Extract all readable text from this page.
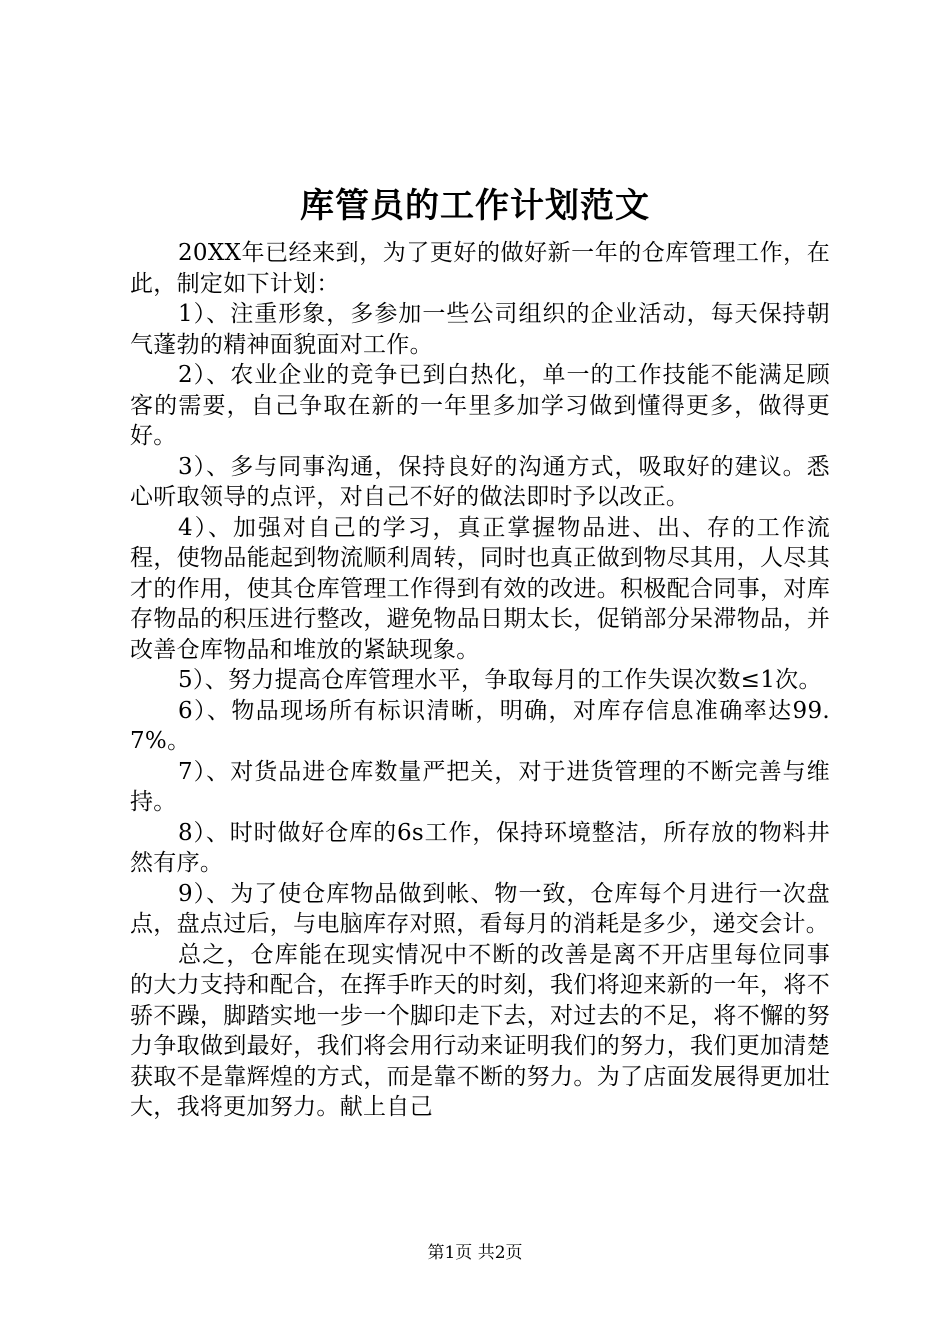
库管员的工作计划范文

20XX年已经来到，为了更好的做好新一年的仓库管理工作，在此，制定如下计划：

1）、注重形象，多参加一些公司组织的企业活动，每天保持朝气蓬勃的精神面貌面对工作。

2）、农业企业的竞争已到白热化，单一的工作技能不能满足顾客的需要，自己争取在新的一年里多加学习做到懂得更多，做得更好。

3）、多与同事沟通，保持良好的沟通方式，吸取好的建议。悉心听取领导的点评，对自己不好的做法即时予以改正。

4）、加强对自己的学习，真正掌握物品进、出、存的工作流程，使物品能起到物流顺利周转，同时也真正做到物尽其用，人尽其才的作用，使其仓库管理工作得到有效的改进。积极配合同事，对库存物品的积压进行整改，避免物品日期太长，促销部分呆滞物品，并改善仓库物品和堆放的紧缺现象。

5）、努力提高仓库管理水平，争取每月的工作失误次数≤1次。

6）、物品现场所有标识清晰，明确，对库存信息准确率达99.7%。

7）、对货品进仓库数量严把关，对于进货管理的不断完善与维持。

8）、时时做好仓库的6s工作，保持环境整洁，所存放的物料井然有序。

9）、为了使仓库物品做到帐、物一致，仓库每个月进行一次盘点，盘点过后，与电脑库存对照，看每月的消耗是多少，递交会计。

总之，仓库能在现实情况中不断的改善是离不开店里每位同事的大力支持和配合，在挥手昨天的时刻，我们将迎来新的一年，将不骄不躁，脚踏实地一步一个脚印走下去，对过去的不足，将不懈的努力争取做到最好，我们将会用行动来证明我们的努力，我们更加清楚获取不是靠辉煌的方式，而是靠不断的努力。为了店面发展得更加壮大，我将更加努力。献上自己

第1页 共2页
